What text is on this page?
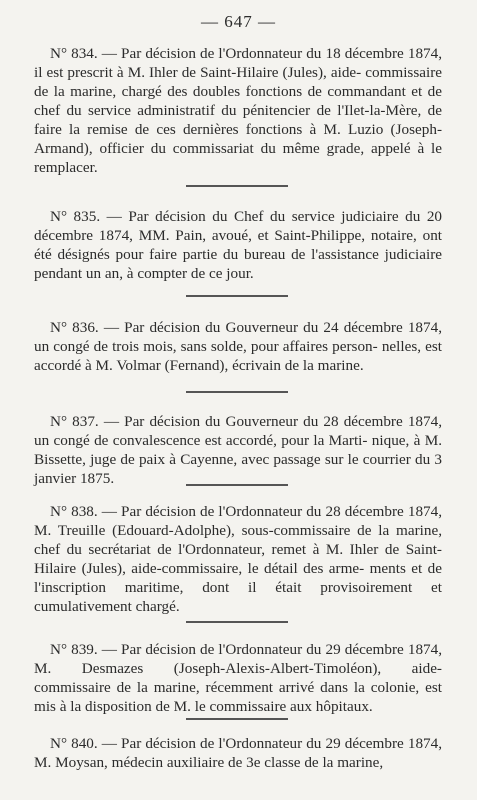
— 647 —

N° 834. — Par décision de l'Ordonnateur du 18 décembre 1874, il est prescrit à M. Ihler de Saint-Hilaire (Jules), aide- commissaire de la marine, chargé des doubles fonctions de commandant et de chef du service administratif du pénitencier de l'Ilet-la-Mère, de faire la remise de ces dernières fonctions à M. Luzio (Joseph-Armand), officier du commissariat du même grade, appelé à le remplacer.

N° 835. — Par décision du Chef du service judiciaire du 20 décembre 1874, MM. Pain, avoué, et Saint-Philippe, notaire, ont été désignés pour faire partie du bureau de l'assistance judiciaire pendant un an, à compter de ce jour.

N° 836. — Par décision du Gouverneur du 24 décembre 1874, un congé de trois mois, sans solde, pour affaires person- nelles, est accordé à M. Volmar (Fernand), écrivain de la marine.

N° 837. — Par décision du Gouverneur du 28 décembre 1874, un congé de convalescence est accordé, pour la Marti- nique, à M. Bissette, juge de paix à Cayenne, avec passage sur le courrier du 3 janvier 1875.

N° 838. — Par décision de l'Ordonnateur du 28 décembre 1874, M. Treuille (Edouard-Adolphe), sous-commissaire de la marine, chef du secrétariat de l'Ordonnateur, remet à M. Ihler de Saint-Hilaire (Jules), aide-commissaire, le détail des arme- ments et de l'inscription maritime, dont il était provisoirement et cumulativement chargé.

N° 839. — Par décision de l'Ordonnateur du 29 décembre 1874, M. Desmazes (Joseph-Alexis-Albert-Timoléon), aide- commissaire de la marine, récemment arrivé dans la colonie, est mis à la disposition de M. le commissaire aux hôpitaux.

N° 840. — Par décision de l'Ordonnateur du 29 décembre 1874, M. Moysan, médecin auxiliaire de 3e classe de la marine,
